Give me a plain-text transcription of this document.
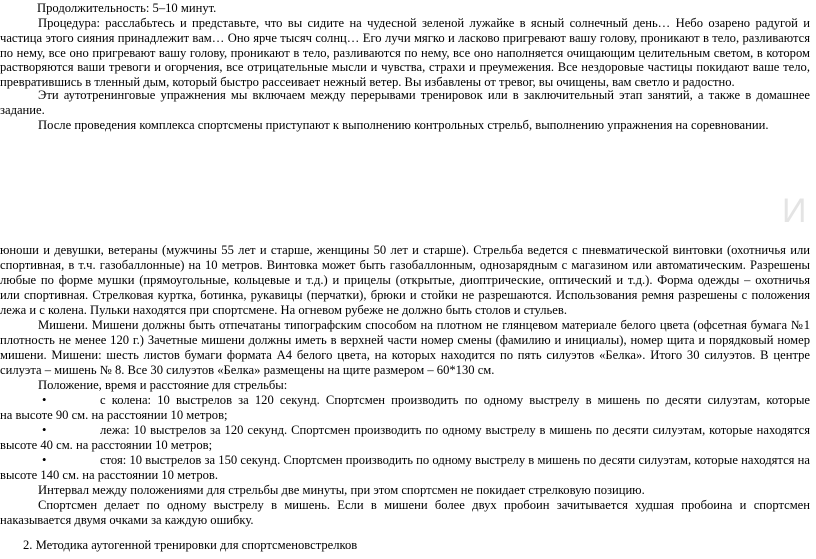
Продолжительность: 5–10 минут.
Процедура: расслабьтесь и представьте, что вы сидите на чудесной зеленой лужайке в ясный солнечный день… Небо озарено радугой и
частица этого сияния принадлежит вам… Оно ярче тысяч солнц… Его лучи мягко и ласково пригревают вашу голову, проникают в тело, разливаются
по нему, все оно пригревают вашу голову, проникают в тело, разливаются по нему, все оно наполняется очищающим целительным светом, в котором
растворяются ваши тревоги и огорчения, все отрицательные мысли и чувства, страхи и преумежения. Все нездоровые частицы покидают ваше тело,
превратившись в тленный дым, который быстро рассеивает нежный ветер. Вы избавлены от тревог, вы очищены, вам светло и радостно.
Эти аутотренинговые упражнения мы включаем между перерывами тренировок или в заключительный этап занятий, а также в домашнее
задание.
После проведения комплекса спортсмены приступают к выполнению контрольных стрельб, выполнению упражнения на соревновании.
И
юноши и девушки, ветераны (мужчины 55 лет и старше, женщины 50 лет и старше). Стрельба ведется с пневматической винтовки (охотничья или
спортивная, в т.ч. газобаллонные) на 10 метров. Винтовка может быть газобаллонным, однозарядным с магазином или автоматическим. Разрешены
любые по форме мушки (прямоугольные, кольцевые и т.д.) и прицелы (открытые, диоптрические, оптический и т.д.). Форма одежды – охотничья
или спортивная. Стрелковая куртка, ботинка, рукавицы (перчатки), брюки и стойки не разрешаются. Использования ремня разрешены с положения
лежа и с колена. Пульки находятся при спортсмене. На огневом рубеже не должно быть столов и стульев.
Мишени. Мишени должны быть отпечатаны типографским способом на плотном не глянцевом материале белого цвета (офсетная бумага №1
плотность не менее 120 г.) Зачетные мишени должны иметь в верхней части номер смены (фамилию и инициалы), номер щита и порядковый номер
мишени. Мишени: шесть листов бумаги формата А4 белого цвета, на которых находится по пять силуэтов «Белка». Итого 30 силуэтов. В центре
силуэта – мишень № 8. Все 30 силуэтов «Белка» размещены на щите размером – 60*130 см.
Положение, время и расстояние для стрельбы:
•	с колена: 10 выстрелов за 120 секунд. Спортсмен производить по одному выстрелу в мишень по десяти силуэтам, которые
на высоте 90 см. на расстоянии 10 метров;
•	лежа: 10 выстрелов за 120 секунд. Спортсмен производить по одному выстрелу в мишень по десяти силуэтам, которые находятся
высоте 40 см. на расстоянии 10 метров;
•	стоя: 10 выстрелов за 150 секунд. Спортсмен производить по одному выстрелу в мишень по десяти силуэтам, которые находятся на
высоте 140 см. на расстоянии 10 метров.
Интервал между положениями для стрельбы две минуты, при этом спортсмен не покидает стрелковую позицию.
Спортсмен делает по одному выстрелу в мишень. Если в мишени более двух пробоин зачитывается худшая пробоина и спортсмен
наказывается двумя очками за каждую ошибку.
2. Методика аутогенной тренировки для спортсменовстрелков
